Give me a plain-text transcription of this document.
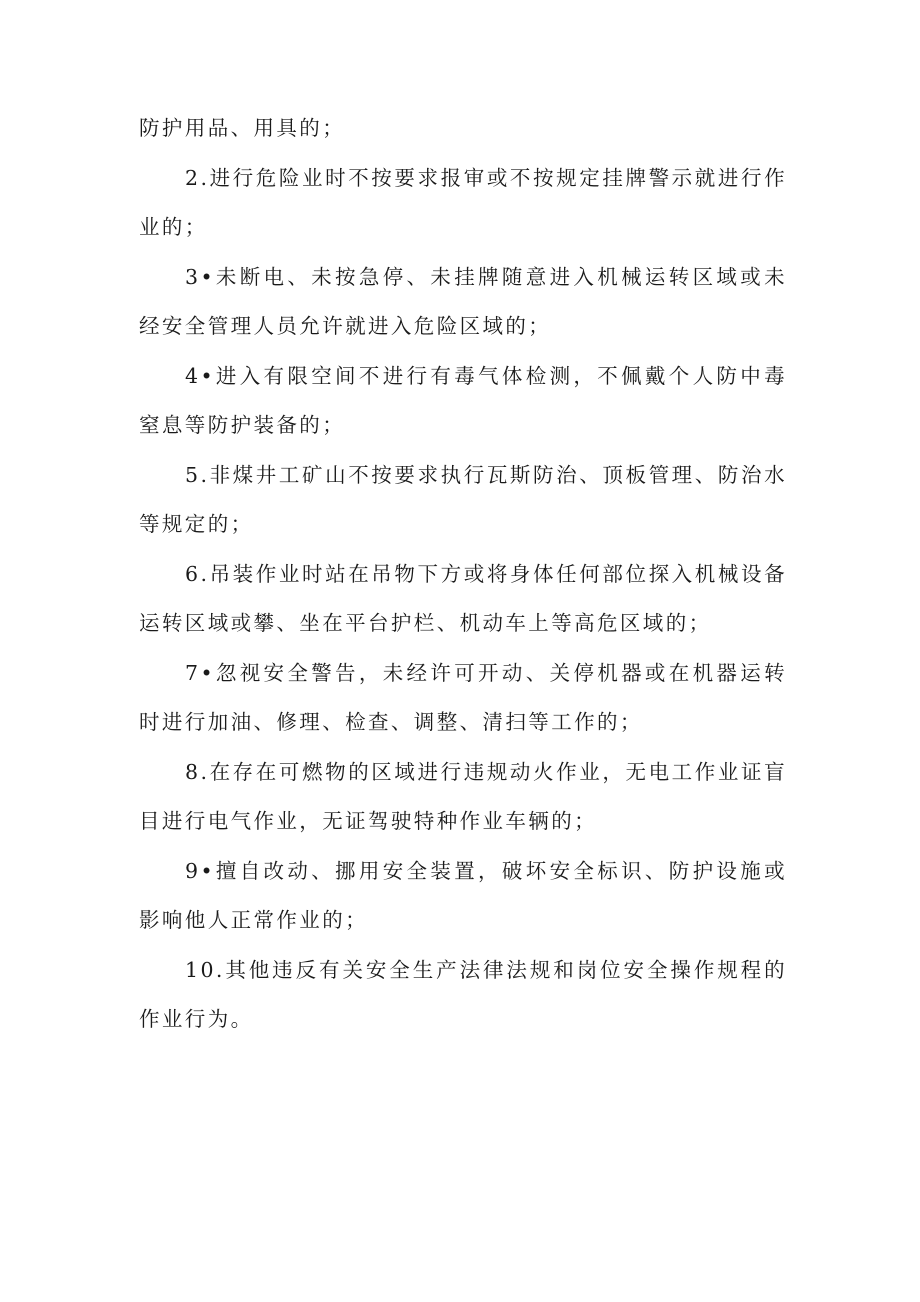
防护用品、用具的；

2.进行危险业时不按要求报审或不按规定挂牌警示就进行作业的；

3•未断电、未按急停、未挂牌随意进入机械运转区域或未经安全管理人员允许就进入危险区域的；

4•进入有限空间不进行有毒气体检测，不佩戴个人防中毒窒息等防护装备的；

5.非煤井工矿山不按要求执行瓦斯防治、顶板管理、防治水等规定的；

6.吊装作业时站在吊物下方或将身体任何部位探入机械设备运转区域或攀、坐在平台护栏、机动车上等高危区域的；

7•忽视安全警告，未经许可开动、关停机器或在机器运转时进行加油、修理、检查、调整、清扫等工作的；

8.在存在可燃物的区域进行违规动火作业，无电工作业证盲目进行电气作业，无证驾驶特种作业车辆的；

9•擅自改动、挪用安全装置，破坏安全标识、防护设施或影响他人正常作业的；

10.其他违反有关安全生产法律法规和岗位安全操作规程的作业行为。
